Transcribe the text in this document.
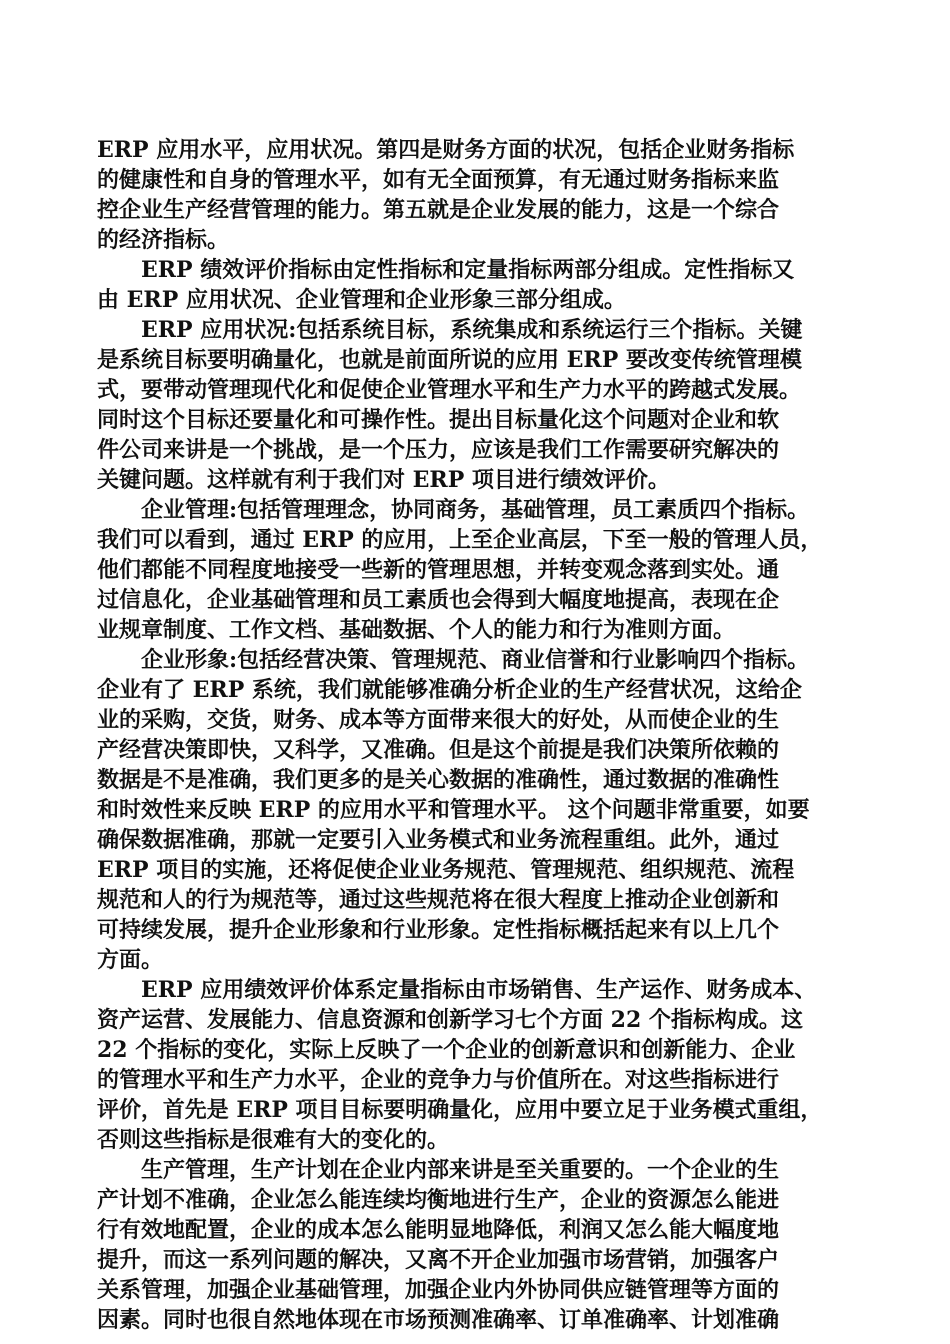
ERP 应用水平，应用状况。第四是财务方面的状况，包括企业财务指标
的健康性和自身的管理水平，如有无全面预算，有无通过财务指标来监
控企业生产经营管理的能力。第五就是企业发展的能力，这是一个综合
的经济指标。
ERP 绩效评价指标由定性指标和定量指标两部分组成。定性指标又
由 ERP 应用状况、企业管理和企业形象三部分组成。
ERP 应用状况:包括系统目标，系统集成和系统运行三个指标。关键
是系统目标要明确量化，也就是前面所说的应用 ERP 要改变传统管理模
式，要带动管理现代化和促使企业管理水平和生产力水平的跨越式发展。
同时这个目标还要量化和可操作性。提出目标量化这个问题对企业和软
件公司来讲是一个挑战，是一个压力，应该是我们工作需要研究解决的
关键问题。这样就有利于我们对 ERP 项目进行绩效评价。
企业管理:包括管理理念，协同商务，基础管理，员工素质四个指标。
我们可以看到，通过 ERP 的应用，上至企业高层，下至一般的管理人员，
他们都能不同程度地接受一些新的管理思想，并转变观念落到实处。通
过信息化，企业基础管理和员工素质也会得到大幅度地提高，表现在企
业规章制度、工作文档、基础数据、个人的能力和行为准则方面。
企业形象:包括经营决策、管理规范、商业信誉和行业影响四个指标。
企业有了 ERP 系统，我们就能够准确分析企业的生产经营状况，这给企
业的采购，交货，财务、成本等方面带来很大的好处，从而使企业的生
产经营决策即快，又科学，又准确。但是这个前提是我们决策所依赖的
数据是不是准确，我们更多的是关心数据的准确性，通过数据的准确性
和时效性来反映 ERP 的应用水平和管理水平。 这个问题非常重要，如要
确保数据准确，那就一定要引入业务模式和业务流程重组。此外，通过
ERP 项目的实施，还将促使企业业务规范、管理规范、组织规范、流程
规范和人的行为规范等，通过这些规范将在很大程度上推动企业创新和
可持续发展，提升企业形象和行业形象。定性指标概括起来有以上几个
方面。
ERP 应用绩效评价体系定量指标由市场销售、生产运作、财务成本、
资产运营、发展能力、信息资源和创新学习七个方面 22 个指标构成。这
22 个指标的变化，实际上反映了一个企业的创新意识和创新能力、企业
的管理水平和生产力水平，企业的竞争力与价值所在。对这些指标进行
评价，首先是 ERP 项目目标要明确量化，应用中要立足于业务模式重组，
否则这些指标是很难有大的变化的。
生产管理，生产计划在企业内部来讲是至关重要的。一个企业的生
产计划不准确，企业怎么能连续均衡地进行生产，企业的资源怎么能进
行有效地配置，企业的成本怎么能明显地降低，利润又怎么能大幅度地
提升，而这一系列问题的解决，又离不开企业加强市场营销，加强客户
关系管理，加强企业基础管理，加强企业内外协同供应链管理等方面的
因素。同时也很自然地体现在市场预测准确率、订单准确率、计划准确
